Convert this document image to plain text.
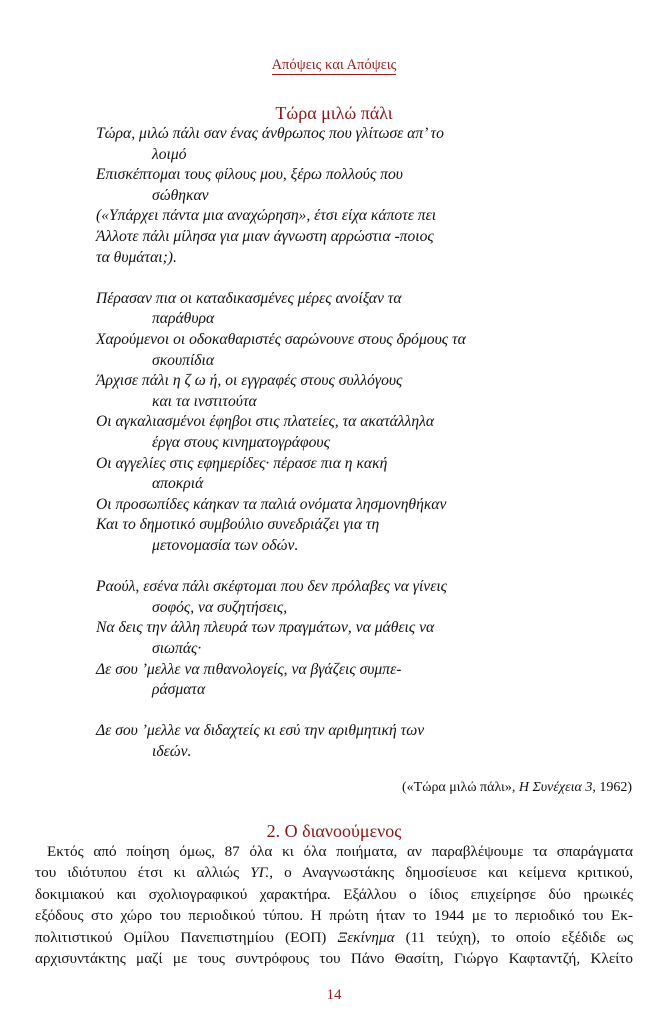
Απόψεις και Απόψεις
Τώρα μιλώ πάλι
Τώρα, μιλώ πάλι σαν ένας άνθρωπος που γλίτωσε απ’ το
λοιμό
Επισκέπτομαι τους φίλους μου, ξέρω πολλούς που
σώθηκαν
(«Υπάρχει πάντα μια αναχώρηση», έτσι είχα κάποτε πει
Άλλοτε πάλι μίλησα για μιαν άγνωστη αρρώστια -ποιος
τα θυμάται;).
Πέρασαν πια οι καταδικασμένες μέρες ανοίξαν τα
παράθυρα
Χαρούμενοι οι οδοκαθαριστές σαρώνουνε στους δρόμους τα
σκουπίδια
Άρχισε πάλι η ζ ω ή, οι εγγραφές στους συλλόγους
και τα ινστιτούτα
Οι αγκαλιασμένοι έφηβοι στις πλατείες, τα ακατάλληλα
έργα στους κινηματογράφους
Οι αγγελίες στις εφημερίδες· πέρασε πια η κακή
αποκριά
Οι προσωπίδες κάηκαν τα παλιά ονόματα λησμονηθήκαν
Και το δημοτικό συμβούλιο συνεδριάζει για τη
μετονομασία των οδών.
Ραούλ, εσένα πάλι σκέφτομαι που δεν πρόλαβες να γίνεις
σοφός, να συζητήσεις,
Να δεις την άλλη πλευρά των πραγμάτων, να μάθεις να
σιωπάς·
Δε σου ’μελλε να πιθανολογείς, να βγάζεις συμπε-
ράσματα
Δε σου ’μελλε να διδαχτείς κι εσύ την αριθμητική των
ιδεών.
(«Τώρα μιλώ πάλι», Η Συνέχεια 3, 1962)
2. Ο διανοούμενος
Εκτός από ποίηση όμως, 87 όλα κι όλα ποιήματα, αν παραβλέψουμε τα σπαράγματα
του ιδιότυπου έτσι κι αλλιώς ΥΓ., ο Αναγνωστάκης δημοσίευσε και κείμενα κριτικού,
δοκιμιακού και σχολιογραφικού χαρακτήρα. Εξάλλου ο ίδιος επιχείρησε δύο ηρωικές
εξόδους στο χώρο του περιοδικού τύπου. Η πρώτη ήταν το 1944 με το περιοδικό του Εκ-
πολιτιστικού Ομίλου Πανεπιστημίου (ΕΟΠ) Ξεκίνημα (11 τεύχη), το οποίο εξέδιδε ως
αρχισυντάκτης μαζί με τους συντρόφους του Πάνο Θασίτη, Γιώργο Καφταντζή, Κλείτο
14
